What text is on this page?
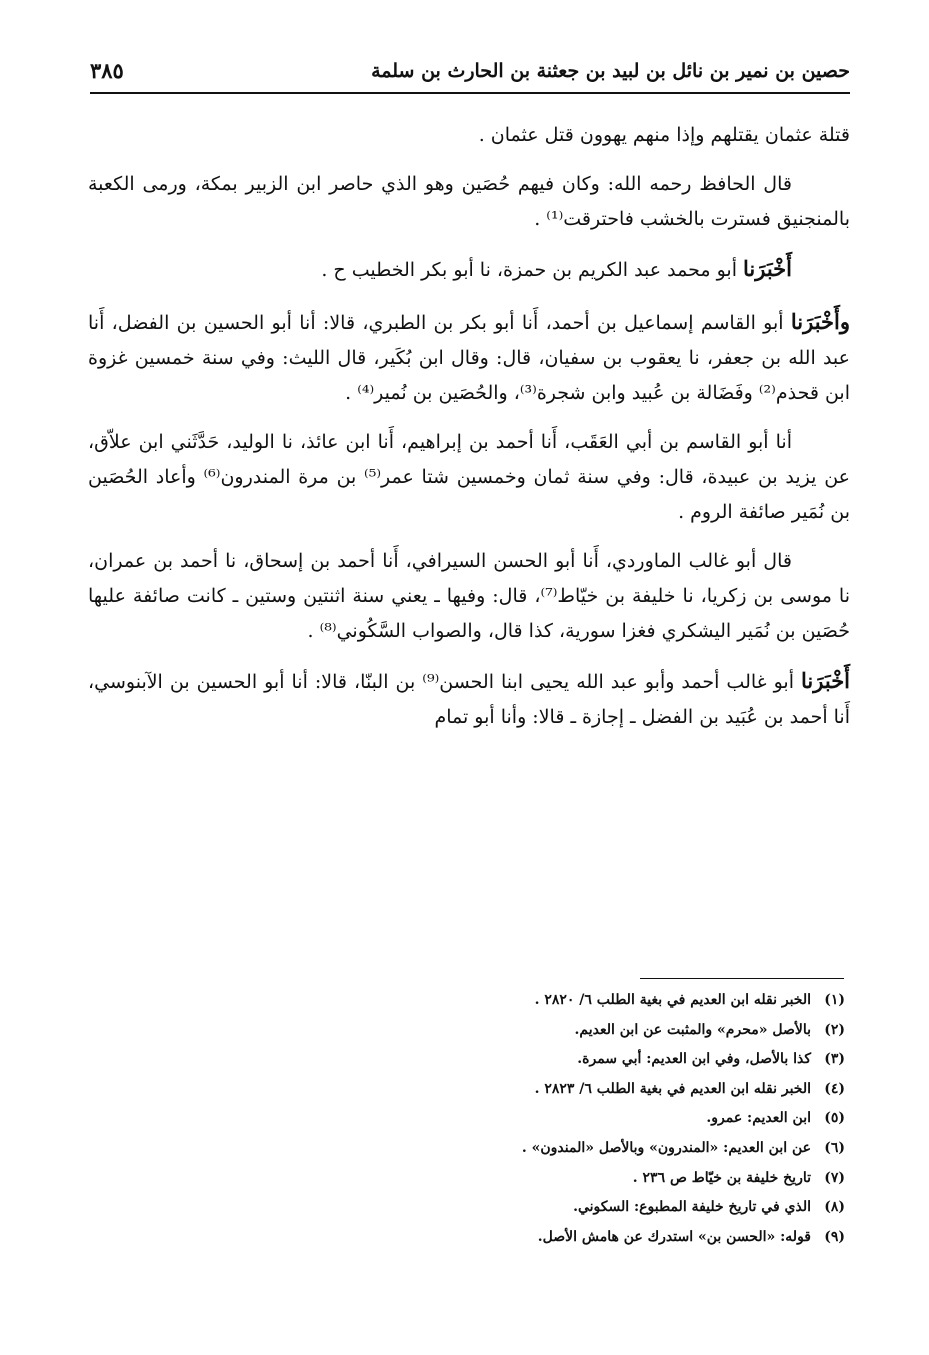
حصين بن نمير بن نائل بن لبيد بن جعثنة بن الحارث بن سلمة
٣٨٥

قتلة عثمان يقتلهم وإذا منهم يهوون قتل عثمان .

قال الحافظ رحمه الله: وكان فيهم حُصَين وهو الذي حاصر ابن الزبير بمكة، ورمى الكعبة بالمنجنيق فسترت بالخشب فاحترقت⁽¹⁾ .

أَخْبَرَنا أبو محمد عبد الكريم بن حمزة، نا أبو بكر الخطيب ح .

وأَخْبَرَنا أبو القاسم إسماعيل بن أحمد، أَنا أبو بكر بن الطبري، قالا: أنا أبو الحسين بن الفضل، أَنا عبد الله بن جعفر، نا يعقوب بن سفيان، قال: وقال ابن بُكَير، قال الليث: وفي سنة خمسين غزوة ابن قحذم⁽²⁾ وفَضَالة بن عُبيد وابن شجرة⁽³⁾، والحُصَين بن نُمير⁽⁴⁾ .

أنا أبو القاسم بن أبي العَقَب، أَنا أحمد بن إبراهيم، أَنا ابن عائذ، نا الوليد، حَدَّثَني ابن علاّق، عن يزيد بن عبيدة، قال: وفي سنة ثمان وخمسين شتا عمر⁽⁵⁾ بن مرة المندرون⁽⁶⁾ وأعاد الحُصَين بن نُمَير صائفة الروم .

قال أبو غالب الماوردي، أَنا أبو الحسن السيرافي، أَنا أحمد بن إسحاق، نا أحمد بن عمران، نا موسى بن زكريا، نا خليفة بن خيّاط⁽⁷⁾، قال: وفيها ـ يعني سنة اثنتين وستين ـ كانت صائفة عليها حُصَين بن نُمَير اليشكري فغزا سورية، كذا قال، والصواب السَّكُوني⁽⁸⁾ .

أَخْبَرَنا أبو غالب أحمد وأبو عبد الله يحيى ابنا الحسن⁽⁹⁾ بن البنّا، قالا: أنا أبو الحسين بن الآبنوسي، أَنا أحمد بن عُبَيد بن الفضل ـ إجازة ـ قالا: وأنا أبو تمام

(١)الخبر نقله ابن العديم في بغية الطلب ٦/ ٢٨٢٠ .
(٢)بالأصل «محرم» والمثبت عن ابن العديم.
(٣)كذا بالأصل، وفي ابن العديم: أبي سمرة.
(٤)الخبر نقله ابن العديم في بغية الطلب ٦/ ٢٨٢٣ .
(٥)ابن العديم: عمرو.
(٦)عن ابن العديم: «المندرون» وبالأصل «المندون» .
(٧)تاريخ خليفة بن خيّاط ص ٢٣٦ .
(٨)الذي في تاريخ خليفة المطبوع: السكوني.
(٩)قوله: «الحسن بن» استدرك عن هامش الأصل.
